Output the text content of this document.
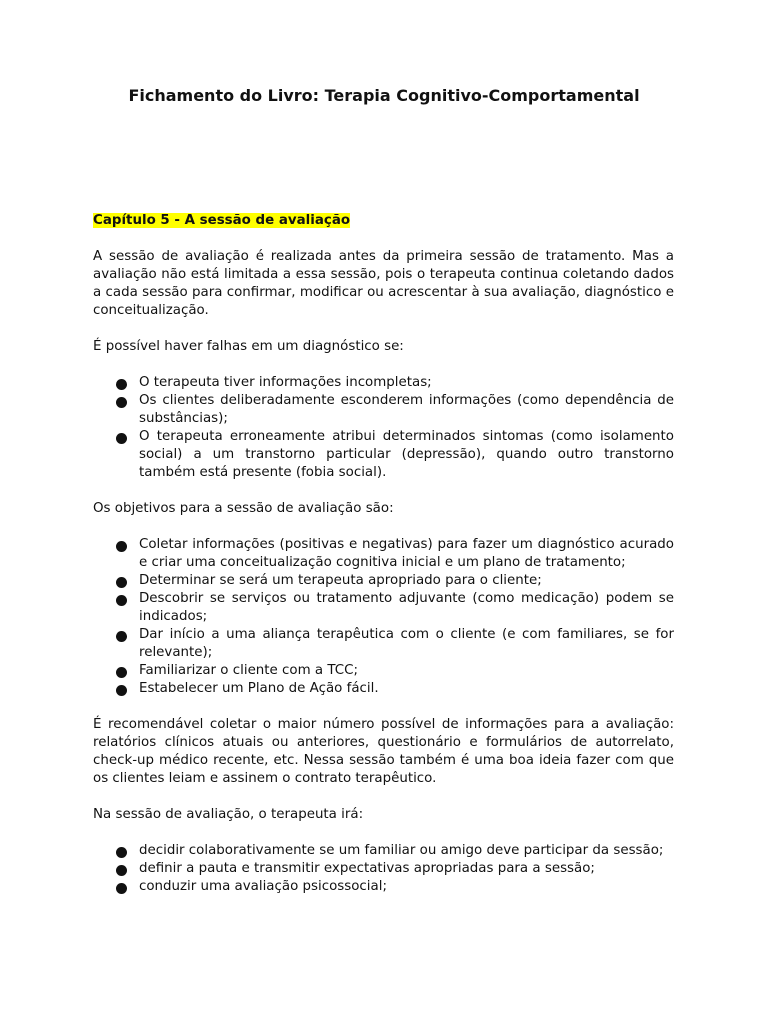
Fichamento do Livro: Terapia Cognitivo-Comportamental
Capítulo 5 - A sessão de avaliação

A sessão de avaliação é realizada antes da primeira sessão de tratamento. Mas a avaliação não está limitada a essa sessão, pois o terapeuta continua coletando dados a cada sessão para confirmar, modificar ou acrescentar à sua avaliação, diagnóstico e conceitualização.

É possível haver falhas em um diagnóstico se:

O terapeuta tiver informações incompletas;
Os clientes deliberadamente esconderem informações (como dependência de substâncias);
O terapeuta erroneamente atribui determinados sintomas (como isolamento social) a um transtorno particular (depressão), quando outro transtorno também está presente (fobia social).

Os objetivos para a sessão de avaliação são:

Coletar informações (positivas e negativas) para fazer um diagnóstico acurado e criar uma conceitualização cognitiva inicial e um plano de tratamento;
Determinar se será um terapeuta apropriado para o cliente;
Descobrir se serviços ou tratamento adjuvante (como medicação) podem se indicados;
Dar início a uma aliança terapêutica com o cliente (e com familiares, se for relevante);
Familiarizar o cliente com a TCC;
Estabelecer um Plano de Ação fácil.

É recomendável coletar o maior número possível de informações para a avaliação: relatórios clínicos atuais ou anteriores, questionário e formulários de autorrelato, check-up médico recente, etc. Nessa sessão também é uma boa ideia fazer com que os clientes leiam e assinem o contrato terapêutico.

Na sessão de avaliação, o terapeuta irá:

decidir colaborativamente se um familiar ou amigo deve participar da sessão;
definir a pauta e transmitir expectativas apropriadas para a sessão;
conduzir uma avaliação psicossocial;
